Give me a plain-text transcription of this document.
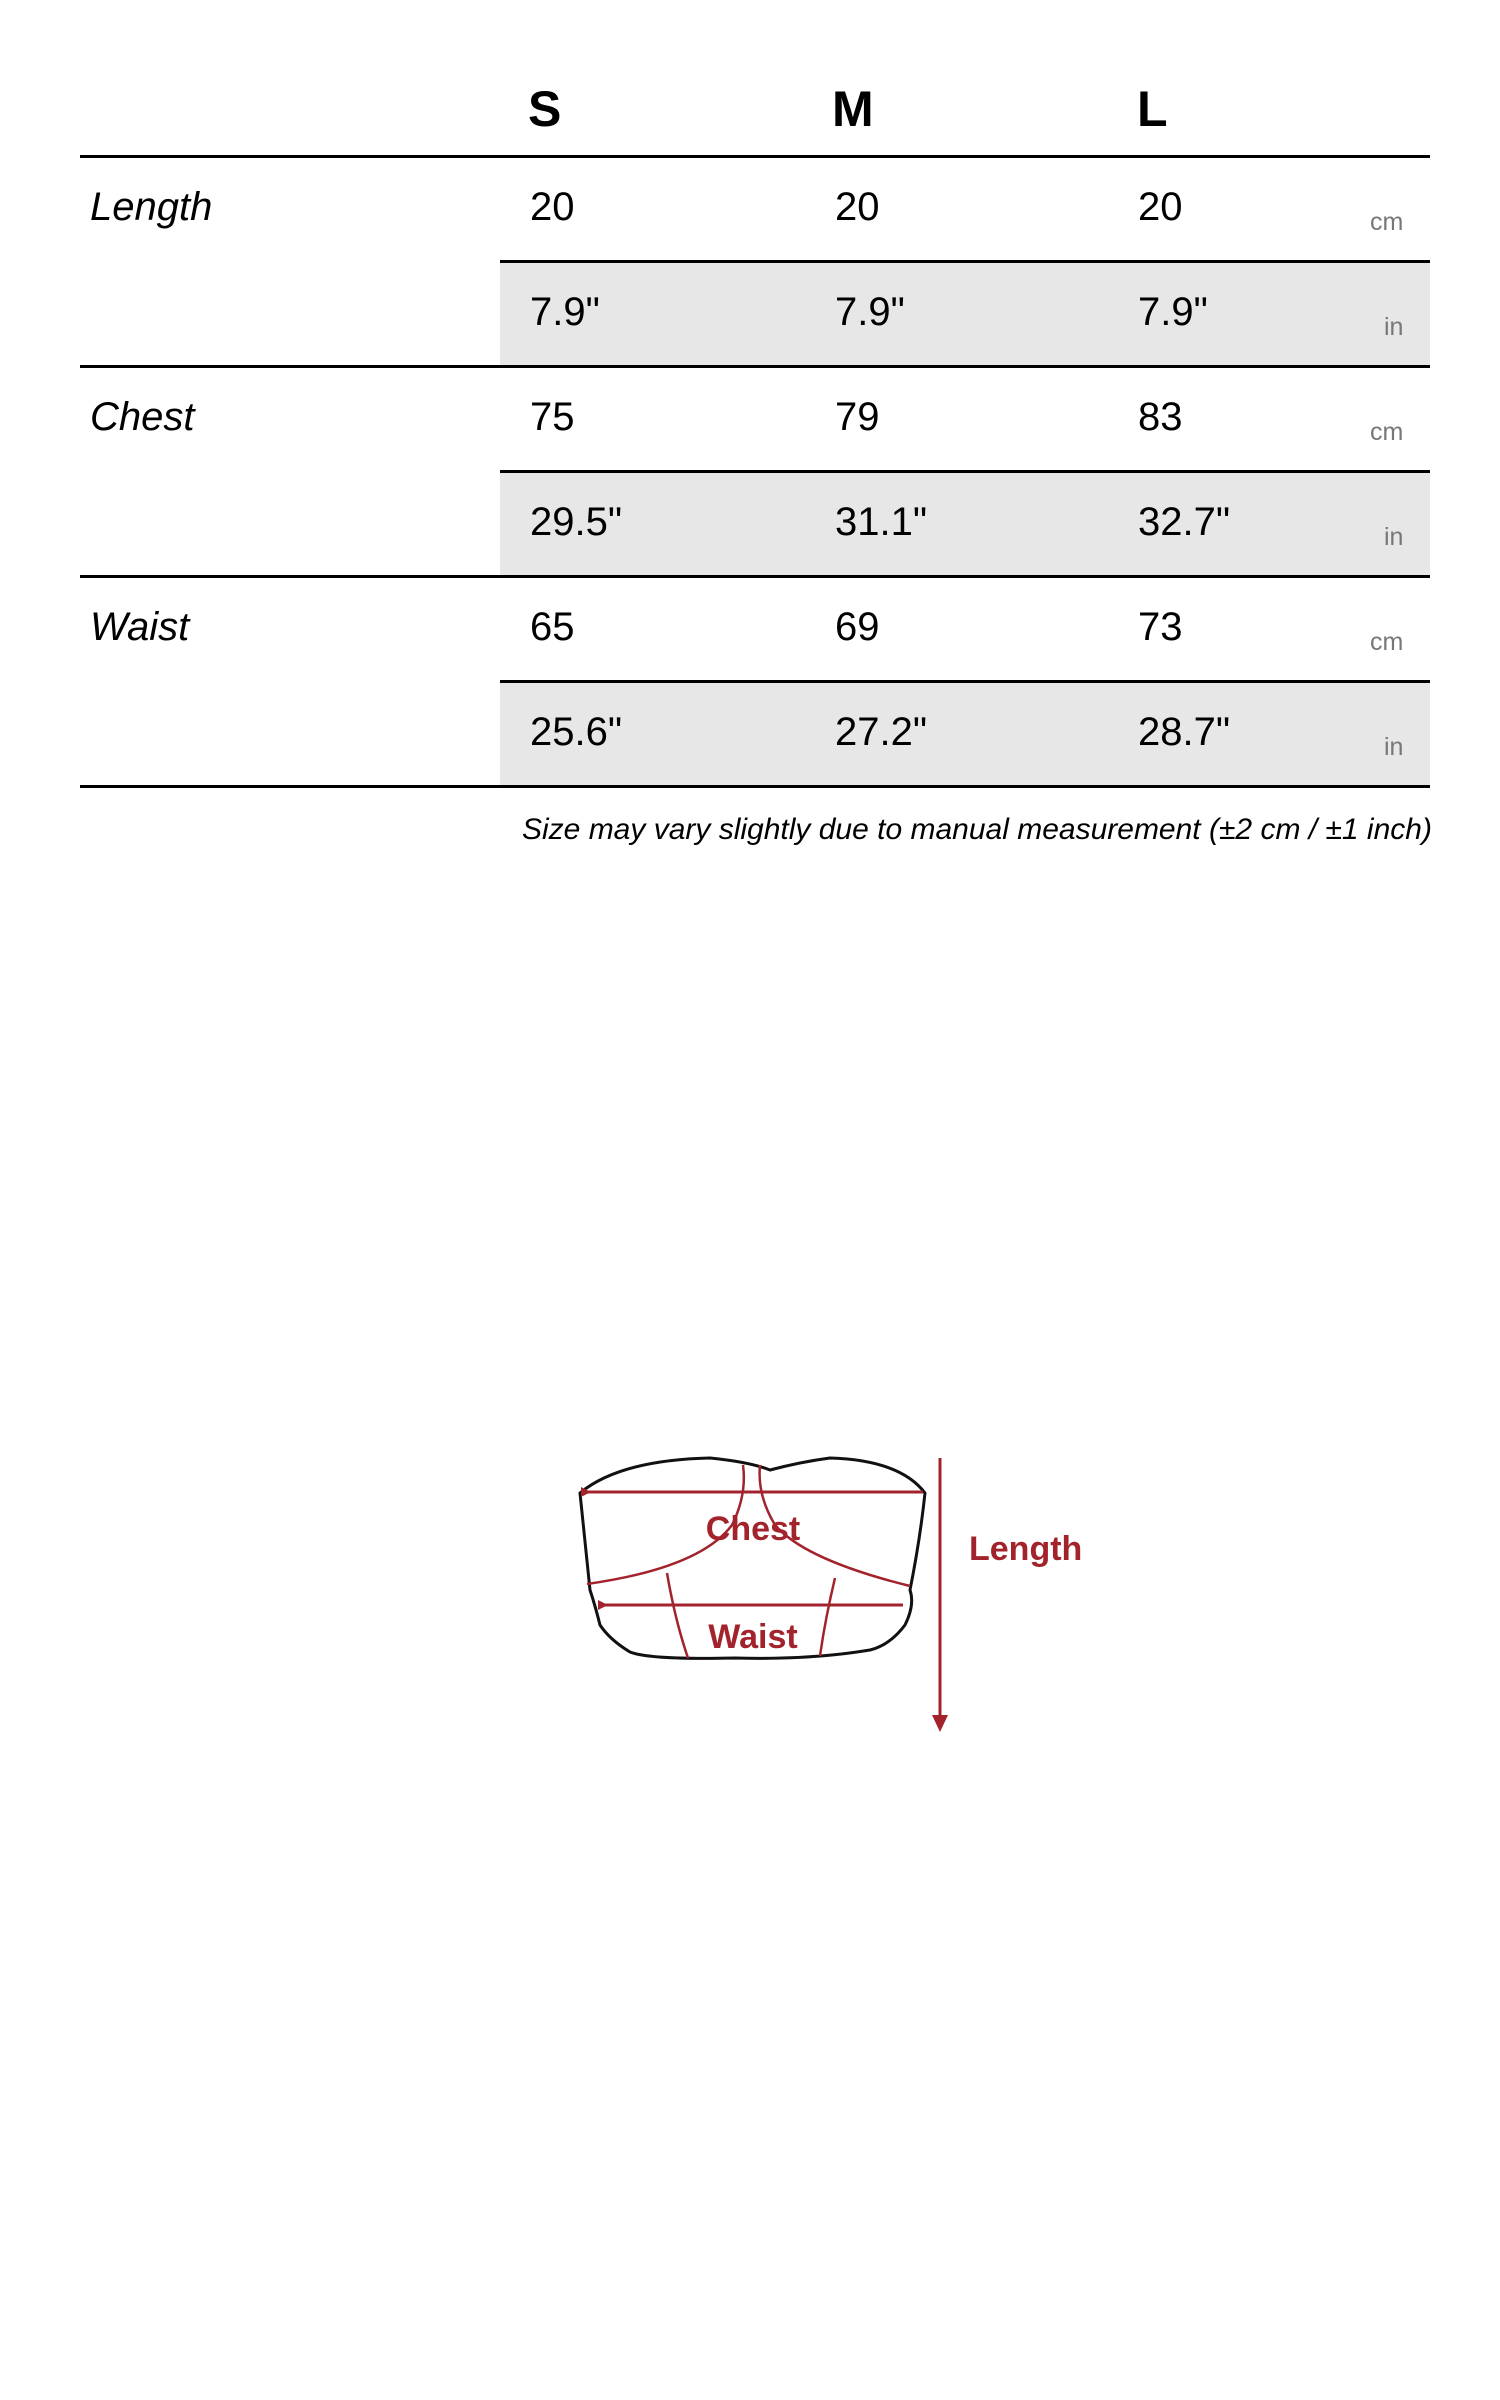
S	M	L
Length	20	20	20	cm
7.9"	7.9"	7.9"	in
Chest	75	79	83	cm
29.5"	31.1"	32.7"	in
Waist	65	69	73	cm
25.6"	27.2"	28.7"	in
Size may vary slightly due to manual measurement (±2 cm / ±1 inch)
Chest
Waist
Length
